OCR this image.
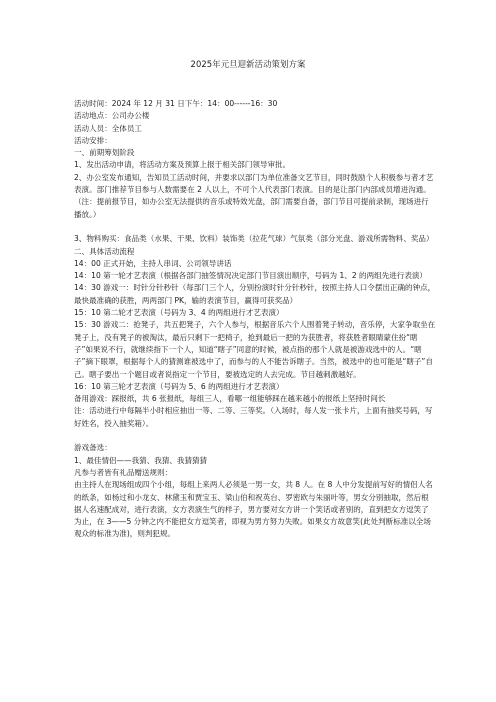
2025年元旦迎新活动策划方案
活动时间：2024 年 12 月 31 日下午：14：00------16：30
活动地点：公司办公楼
活动人员：全体员工
活动安排：
一、前期筹划阶段
1、发出活动申请，将活动方案及预算上报于相关部门领导审批。
2、办公室发布通知，告知员工活动时间，并要求以部门为单位准备文艺节目，同时鼓励个人积极参与者才艺表演。部门推荐节目参与人数需要在 2 人以上，不可个人代表部门表演。目的是让部门内部成员增进沟通。（注：提前报节目，如办公室无法提供的音乐或特效光盘，部门需要自备，部门节目可提前录制，现场进行播放。）
3、物料购买：食品类（水果、干果、饮料）装饰类（拉花气球）气氛类（部分光盘、游戏所需物料、奖品）
二、具体活动流程
14：00 正式开始，主持人串词、公司领导讲话
14：10 第一轮才艺表演（根据各部门抽签情况决定部门节目演出顺序，号码为 1、2 的两组先进行表演）
14：30 游戏一：时针分针秒针（每部门三个人，分别扮演时针分针秒针，按照主持人口令摆出正确的钟点，最快最准确的获胜，两两部门 PK，输的表演节目，赢得可获奖品）
15：10 第二轮才艺表演（号码为 3、4 的两组进行才艺表演）
15：30 游戏二：抢凳子，共五把凳子，六个人参与，根据音乐六个人围着凳子转动，音乐停，大家争取坐在凳子上，没有凳子的被淘汰，最后只剩下一把椅子，抢到最后一把的为获胜者，将获胜者眼睛蒙住扮“瞎子”如果说不行，就继续指下一个人，知道“瞎子”同意的时候，被点指的那个人就是被游戏选中的人。“瞎子”摘下眼罩，根据每个人的猜测谁被选中了，而参与的人不能告诉瞎子。当然，被选中的也可能是“瞎子”自己。瞎子要出一个题目或者说指定一个节目，要被选定的人去完成。节目越刺激越好。
16：10 第三轮才艺表演（号码为 5、6 的两组进行才艺表演）
备用游戏：踩报纸，共 6 张报纸，每组三人，看哪一组能够踩在越来越小的报纸上坚持时间长
注：活动进行中每隔半小时相应抽出一等、二等、三等奖。（入场时，每人发一张卡片，上面有抽奖号码，写好姓名，投入抽奖箱）。
游戏备选：
1、最佳情侣——我猜、我猜、我猜猜猜
凡参与者皆有礼品赠送规则：
由主持人在现场组成四个小组，每组上来两人必须是一男一女，共 8 人。在 8 人中分发提前写好的情侣人名的纸条，如杨过和小龙女、林黛玉和贾宝玉、梁山伯和祝英台、罗密欧与朱丽叶等，男女分别抽取，然后根据人名速配成对，进行表演，女方表演生气的样子，男方要对女方讲一个笑话或者别的，直到把女方逗笑了为止，在 3——5 分钟之内不能把女方逗笑者，即视为男方努力失败。如果女方故意笑(此处判断标准以全场观众的标准为准)，则判犯规。
